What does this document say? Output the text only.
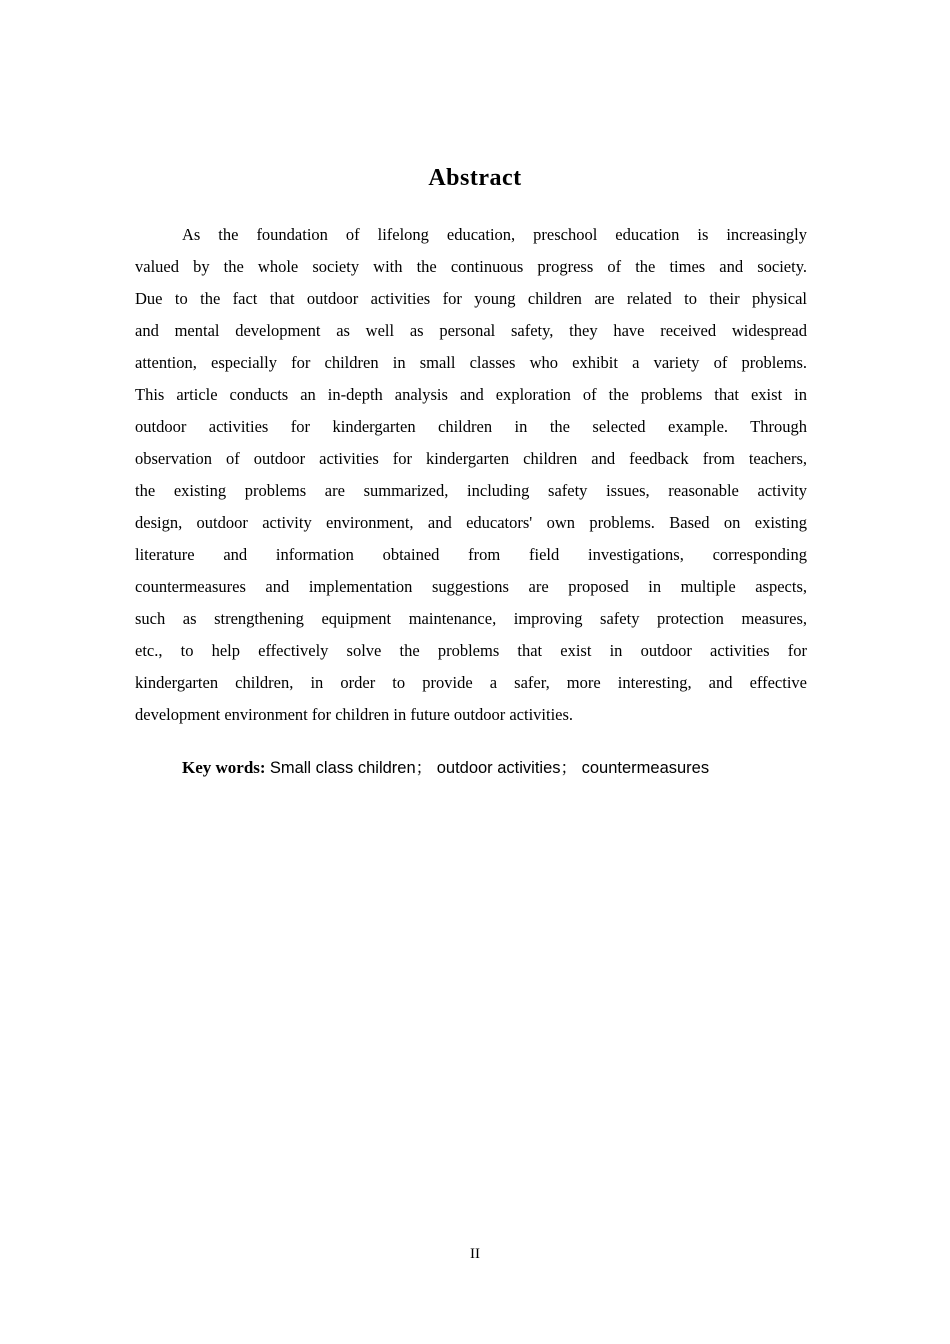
Abstract
As the foundation of lifelong education, preschool education is increasingly
valued by the whole society with the continuous progress of the times and society.
Due to the fact that outdoor activities for young children are related to their physical
and mental development as well as personal safety, they have received widespread
attention, especially for children in small classes who exhibit a variety of problems.
This article conducts an in-depth analysis and exploration of the problems that exist in
outdoor activities for kindergarten children in the selected example. Through
observation of outdoor activities for kindergarten children and feedback from teachers,
the existing problems are summarized, including safety issues, reasonable activity
design, outdoor activity environment, and educators' own problems. Based on existing
literature and information obtained from field investigations, corresponding
countermeasures and implementation suggestions are proposed in multiple aspects,
such as strengthening equipment maintenance, improving safety protection measures,
etc., to help effectively solve the problems that exist in outdoor activities for
kindergarten children, in order to provide a safer, more interesting, and effective
development environment for children in future outdoor activities.
Key words: Small class children； outdoor activities； countermeasures
II
